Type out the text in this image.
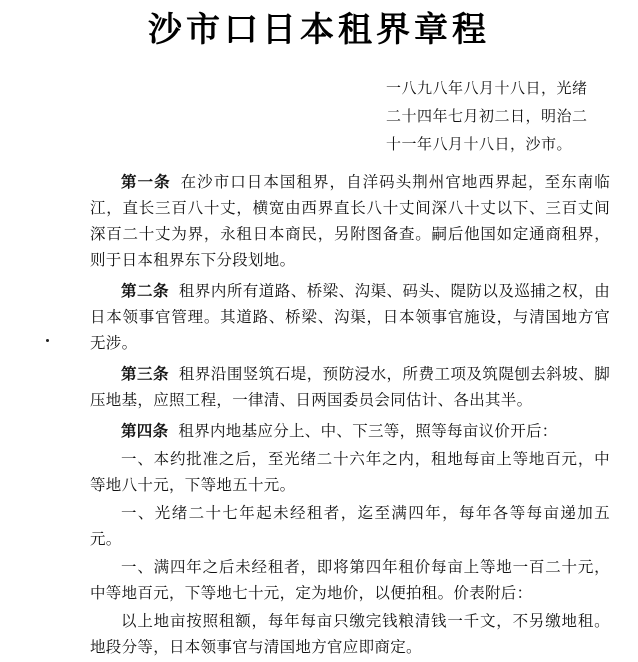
沙市口日本租界章程
一八九八年八月十八日，光绪
二十四年七月初二日，明治二
十一年八月十八日，沙市。

第一条 在沙市口日本国租界，自洋码头荆州官地西界起，至东南临江，直长三百八十丈，横宽由西界直长八十丈间深八十丈以下、三百丈间深百二十丈为界，永租日本商民，另附图备查。嗣后他国如定通商租界，则于日本租界东下分段划地。

第二条 租界内所有道路、桥梁、沟渠、码头、隄防以及巡捕之权，由日本领事官管理。其道路、桥梁、沟渠，日本领事官施设，与清国地方官无涉。

第三条 租界沿围竖筑石堤，预防浸水，所费工项及筑隄刨去斜坡、脚压地基，应照工程，一律清、日两国委员会同估计、各出其半。

第四条 租界内地基应分上、中、下三等，照等每亩议价开后：

一、本约批准之后，至光绪二十六年之内，租地每亩上等地百元，中等地八十元，下等地五十元。

一、光绪二十七年起未经租者，迄至满四年，每年各等每亩递加五元。

一、满四年之后未经租者，即将第四年租价每亩上等地一百二十元，中等地百元，下等地七十元，定为地价，以便拍租。价表附后：

以上地亩按照租额，每年每亩只缴完钱粮清钱一千文，不另缴地租。地段分等，日本领事官与清国地方官应即商定。
